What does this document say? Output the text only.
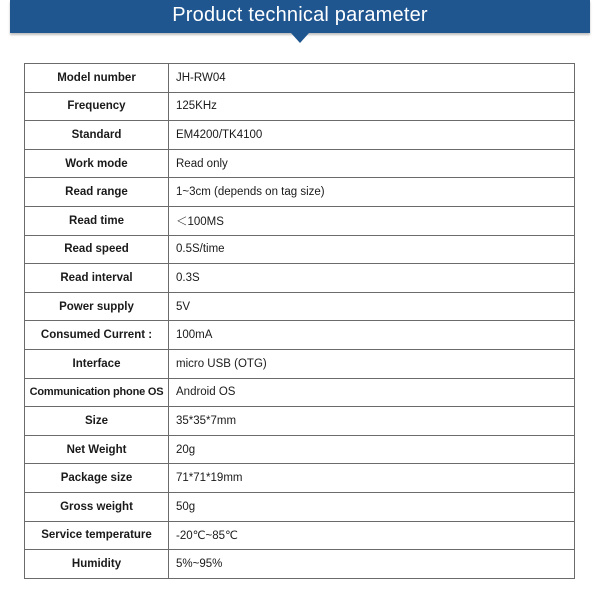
Product technical parameter
Model number	JH-RW04
Frequency	125KHz
Standard	EM4200/TK4100
Work mode	Read only
Read range	1~3cm (depends on tag size)
Read time	＜100MS
Read speed	0.5S/time
Read interval	0.3S
Power supply	5V
Consumed Current :	100mA
Interface	micro USB (OTG)
Communication phone OS	Android OS
Size	35*35*7mm
Net Weight	20g
Package size	71*71*19mm
Gross weight	50g
Service temperature	-20℃~85℃
Humidity	5%~95%
